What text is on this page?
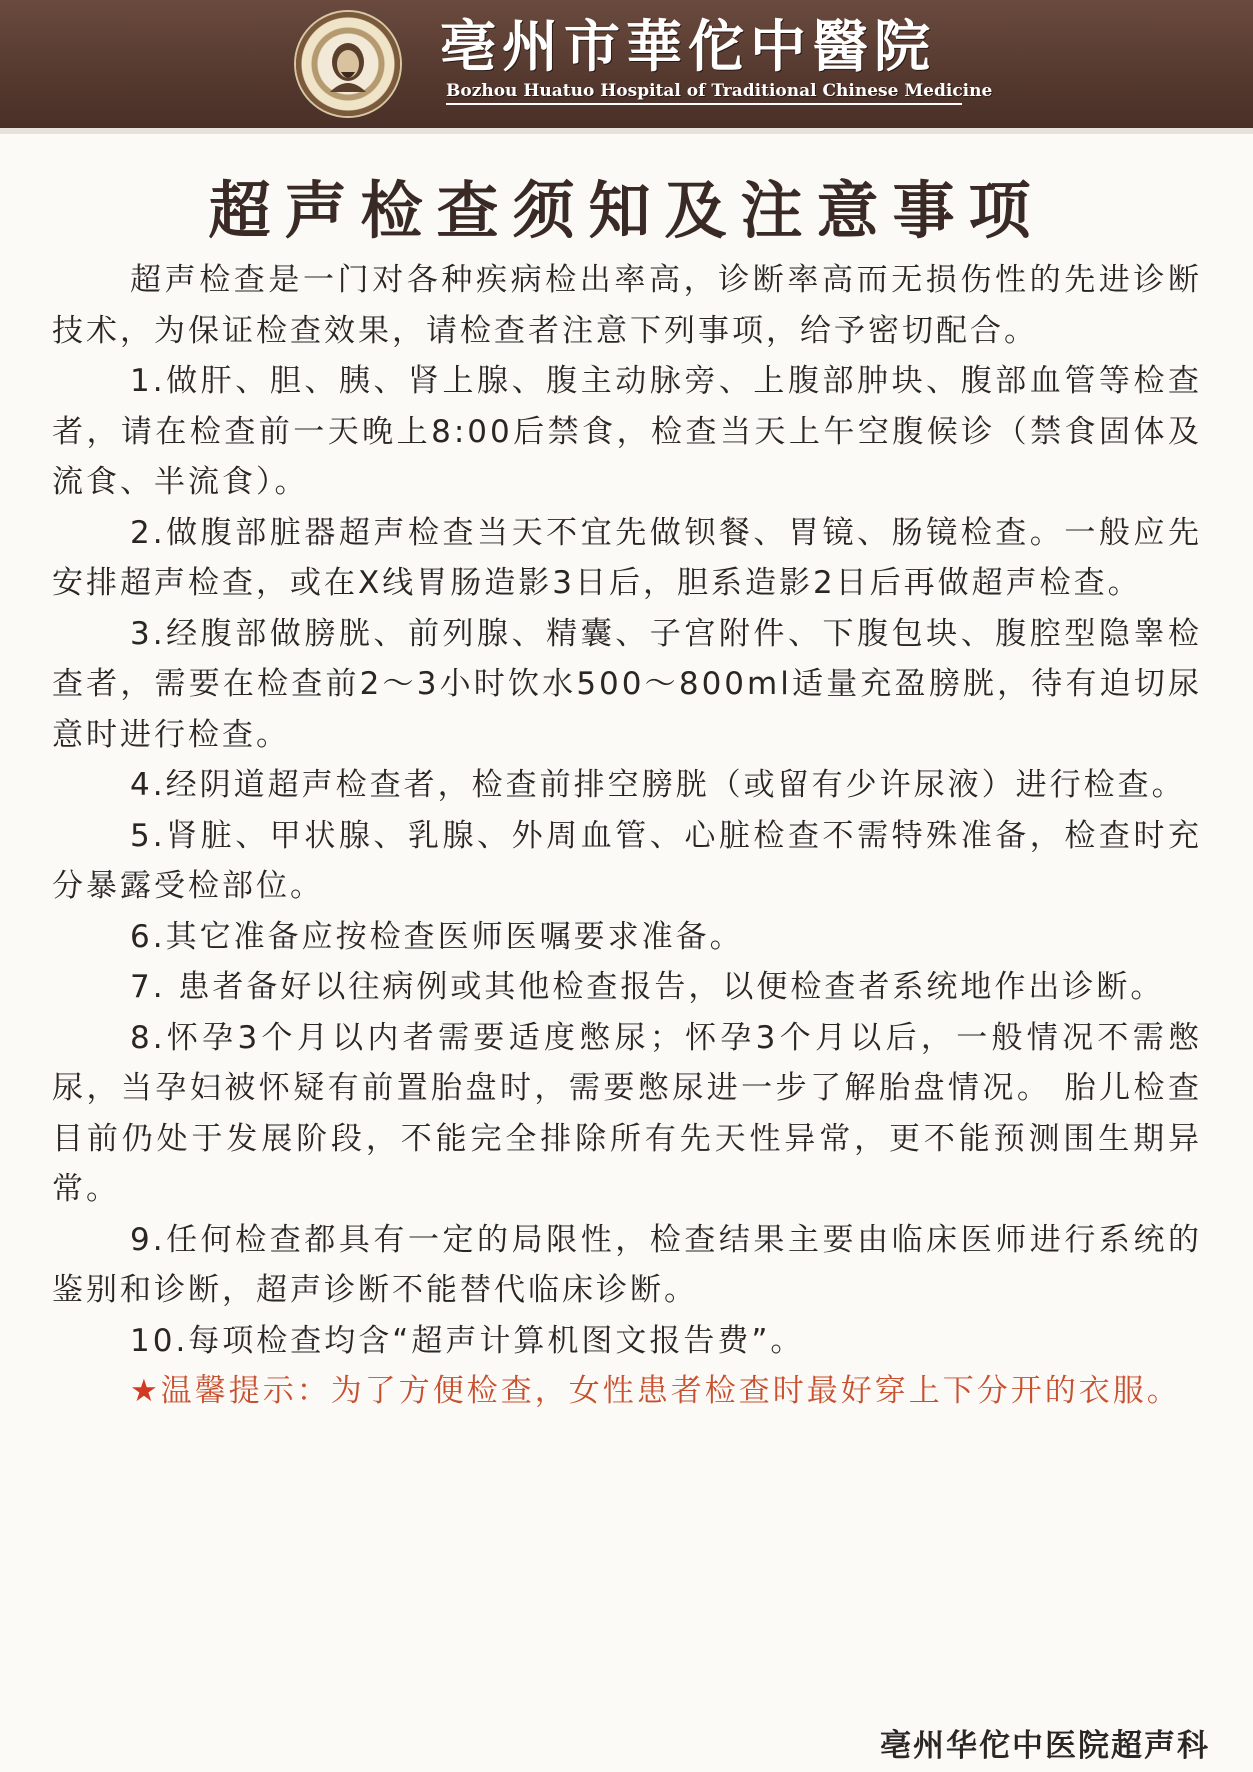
亳州市華佗中醫院
Bozhou Huatuo Hospital of Traditional Chinese Medicine
超声检查须知及注意事项

超声检查是一门对各种疾病检出率高，诊断率高而无损伤性的先进诊断技术，为保证检查效果，请检查者注意下列事项，给予密切配合。

1.做肝、胆、胰、肾上腺、腹主动脉旁、上腹部肿块、腹部血管等检查者，请在检查前一天晚上8:00后禁食，检查当天上午空腹候诊（禁食固体及流食、半流食）。

2.做腹部脏器超声检查当天不宜先做钡餐、胃镜、肠镜检查。一般应先安排超声检查，或在X线胃肠造影3日后，胆系造影2日后再做超声检查。

3.经腹部做膀胱、前列腺、精囊、子宫附件、下腹包块、腹腔型隐睾检查者，需要在检查前2～3小时饮水500～800ml适量充盈膀胱，待有迫切尿意时进行检查。

4.经阴道超声检查者，检查前排空膀胱（或留有少许尿液）进行检查。

5.肾脏、甲状腺、乳腺、外周血管、心脏检查不需特殊准备，检查时充分暴露受检部位。

6.其它准备应按检查医师医嘱要求准备。

7. 患者备好以往病例或其他检查报告，以便检查者系统地作出诊断。

8.怀孕3个月以内者需要适度憋尿；怀孕3个月以后，一般情况不需憋尿，当孕妇被怀疑有前置胎盘时，需要憋尿进一步了解胎盘情况。 胎儿检查目前仍处于发展阶段，不能完全排除所有先天性异常，更不能预测围生期异常。

9.任何检查都具有一定的局限性，检查结果主要由临床医师进行系统的鉴别和诊断，超声诊断不能替代临床诊断。

10.每项检查均含“超声计算机图文报告费”。

★温馨提示：为了方便检查，女性患者检查时最好穿上下分开的衣服。

亳州华佗中医院超声科
